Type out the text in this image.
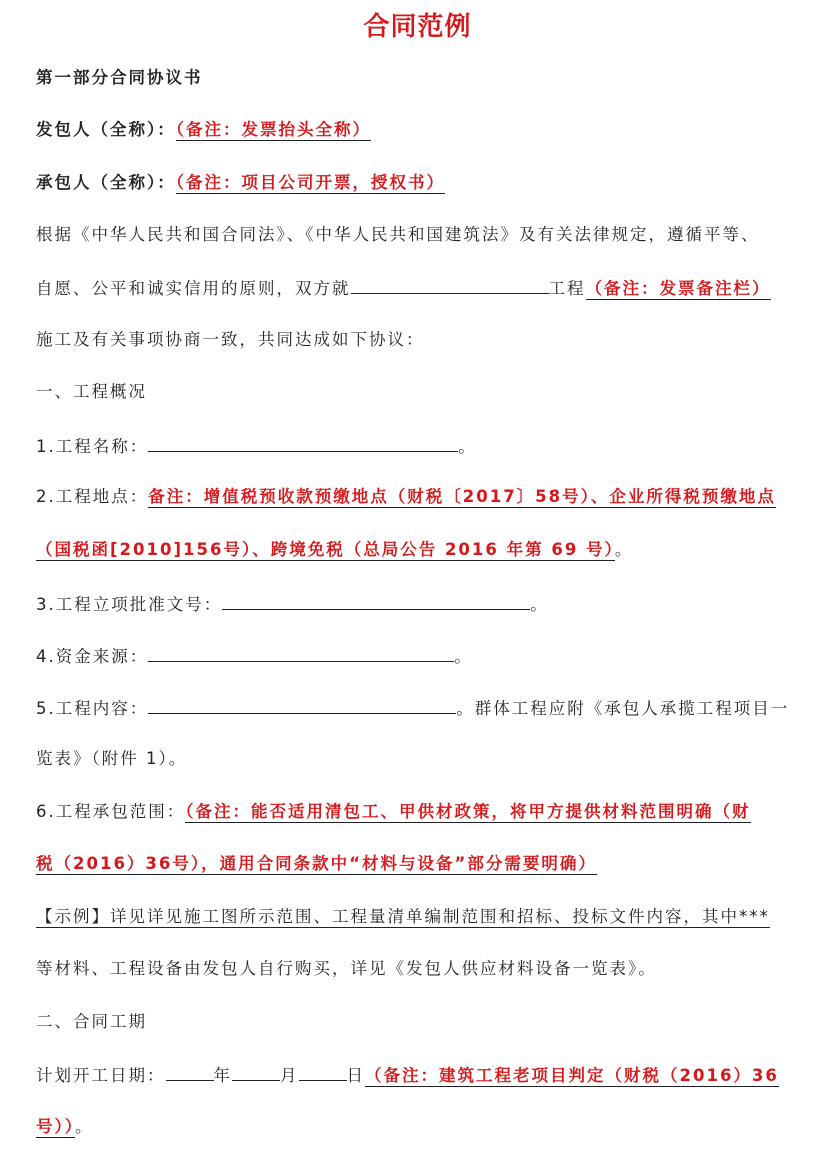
合同范例
第一部分合同协议书
发包人（全称）：（备注：发票抬头全称）
承包人（全称）：（备注：项目公司开票，授权书）
根据《中华人民共和国合同法》、《中华人民共和国建筑法》及有关法律规定，遵循平等、
自愿、公平和诚实信用的原则，双方就	工程（备注：发票备注栏）
施工及有关事项协商一致，共同达成如下协议：
一、工程概况
1.工程名称：	。
2.工程地点：备注：增值税预收款预缴地点（财税〔2017〕58号）、企业所得税预缴地点
（国税函[2010]156号）、跨境免税（总局公告 2016 年第 69 号）。
3.工程立项批准文号：	。
4.资金来源：	。
5.工程内容：	。群体工程应附《承包人承揽工程项目一
览表》（附件 1）。
6.工程承包范围：（备注：能否适用清包工、甲供材政策，将甲方提供材料范围明确（财
税（2016）36号），通用合同条款中“材料与设备”部分需要明确）
【示例】详见详见施工图所示范围、工程量清单编制范围和招标、投标文件内容，其中***
等材料、工程设备由发包人自行购买，详见《发包人供应材料设备一览表》。
二、合同工期
计划开工日期：	年	月	日（备注：建筑工程老项目判定（财税（2016）36
号））。
